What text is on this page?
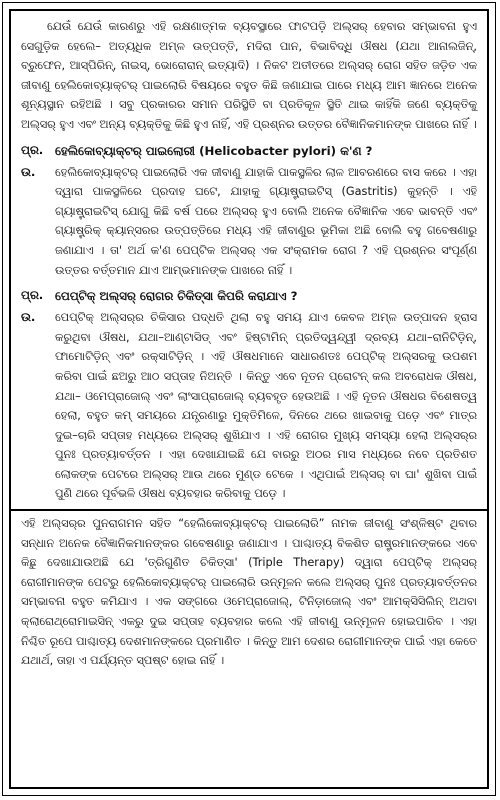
ଯେଉଁ ଯେଉଁ କାରଣରୁ ଏହି ରକ୍ଷଣାତ୍ମକ ବ୍ୟବସ୍ଥାରେ ଫାଟପଡ଼ି ଅଲ୍‌ସର୍ ହେବାର ସମ୍ଭାବନା ହୁଏ ସେଗୁଡ଼ିକ ହେଲେ– ଅତ୍ୟଧିକ ଅମ୍ଳ ଉତ୍ପତ୍ତି, ମଦିରା ପାନ, ବିଭାବିଦ୍ଧି ଔଷଧ (ଯଥା ଆନାଲଜିନ୍, ବ୍ରୁଫେନ, ଆସ୍‌ପିରିନ୍, ନାଇସ୍, ଭୋରୋରାନ୍ ଇତ୍ୟାଦି) । ନିକଟ ଅତୀତରେ ଅଲ୍‌ସର୍ ରୋଗ ସହିତ ଜଡ଼ିତ ଏକ ଜୀବାଣୁ ହେଲିକୋବ୍ୟାକ୍ଟର୍ ପାଇଲୋରି ବିଷୟରେ ବହୁତ କିଛି ଜଣାଯାଇ ପାରେ ମଧ୍ୟ ଆମ ଜ୍ଞାନରେ ଅନେକ ଶୂନ୍ୟସ୍ଥାନ ରହିଅଛି । ସବୁ ପ୍ରକାରର ସମାନ ପରିସ୍ଥିତି ବା ପ୍ରତିକୂଳ ସ୍ଥିତି ଥାଇ କାହିଁକି ଜଣେ ବ୍ୟକ୍ତିକୁ ଅଲ୍‌ସର୍ ହୁଏ ଏବଂ ଅନ୍ୟ ବ୍ୟକ୍ତିକୁ କିଛି ହୁଏ ନାହିଁ, ଏହି ପ୍ରଶ୍ନର ଉତ୍ତର ବୈଜ୍ଞାନିକମାନଙ୍କ ପାଖରେ ନାହିଁ ।

ପ୍ର. ହେଲିକୋବ୍ୟାକ୍ଟର୍ ପାଇଲୋରୀ (Helicobacter pylori) କ'ଣ ?
ଉ.	ହେଲିକୋବ୍ୟାକ୍ଟର୍ ପାଇଲୋରି ଏକ ଜୀବାଣୁ ଯାହାକି ପାକସ୍ଥଳିର ଲାଳ ଆବରଣରେ ବାସ କରେ । ଏହା ଦ୍ୱାରା ପାକସ୍ଥଳିରେ ପ୍ରଦାହ ଘଟେ, ଯାହାକୁ ଗ୍ୟାଷ୍ଟ୍ରାଇଟିସ୍ (Gastritis) କୁହନ୍ତି । ଏହି ଗ୍ୟାଷ୍ଟ୍ରାଇଟିସ୍ ଯୋଗୁ କିଛି ବର୍ଷ ପରେ ଅଲ୍‌ସର୍ ହୁଏ ବୋଲି ଅନେକ ବୈଜ୍ଞାନିକ ଏବେ ଭାବନ୍ତି ଏବଂ ଗ୍ୟାଷ୍ଟ୍ରିକ୍ କ୍ୟାନ୍ସରର ଉତ୍ପତ୍ତିରେ ମଧ୍ୟ ଏହି ଜୀବାଣୁର ଭୂମିକା ଅଛି ବୋଲି ବହୁ ଗବେଷଣାରୁ ଜଣାଯାଏ । ତା' ଅର୍ଥ କ'ଣ ପେପ୍‌ଟିକ ଅଲ୍‌ସର୍ ଏକ ସଂକ୍ରାମକ ରୋଗ ? ଏହି ପ୍ରଶ୍ନର ସଂପୂର୍ଣ୍ଣ ଉତ୍ତର ବର୍ତ୍ତମାନ ଯାଏ ଆମ୍ଭମାନଙ୍କ ପାଖରେ ନାହିଁ ।

ପ୍ର. ପେପ୍‌ଟିକ୍ ଅଲ୍‌ସର୍ ରୋଗର ଚିକିତ୍ସା କିପରି କରାଯାଏ ?
ଉ.	ପେପ୍‌ଟିକ୍ ଅଲ୍‌ସର୍‌ର ଚିକିସାର ପଦ୍ଧତି ଥିଲା ବହୁ ସମୟ ଯାଏ କେବଳ ଅମ୍ଳ ଉତ୍ପାଦନ ହ୍ରାସ କରୁଥିବା ଔଷଧ, ଯଥା–ଆଣ୍ଟାସିଡ୍ ଏବଂ ହିଷ୍ଟାମିନ୍ ପ୍ରତିଦ୍ୱନ୍ଦ୍ୱୀ ଦ୍ରବ୍ୟ ଯଥା–ରାନିଟିଡ଼ିନ୍, ଫାମୋଟିଡ଼ିନ୍ ଏବଂ ରକ୍ସାଟିଡ଼ିନ୍ । ଏହି ଔଷଧମାନେ ସାଧାରଣତଃ ପେପ୍‌ଟିକ୍ ଅଲ୍‌ସରକୁ ଉପଶମ କରିବା ପାଇଁ ଛଅରୁ ଆଠ ସପ୍ତାହ ନିଅନ୍ତି । କିନ୍ତୁ ଏବେ ନୂତନ ପ୍ରୋଟନ୍ କଲ ଅବରୋଧକ ଔଷଧ, ଯଥା– ଓମେପ୍ରାଜୋଲ୍ ଏବଂ ଲାଂସାପ୍ରାଜୋଲ୍ ବ୍ୟବହୃତ ହେଉଅଛି । ଏହି ନୂତନ ଔଷଧର ବିଶେଷତ୍ୱ ହେଲା, ବହୁତ କମ୍ ସମୟରେ ଯନ୍ତ୍ରଣାରୁ ମୁକ୍ତିମିଳେ, ଦିନରେ ଥରେ ଖାଇବାକୁ ପଡ଼େ ଏବଂ ମାତ୍ର ଦୁଇ–ଚାରି ସପ୍ତାହ ମଧ୍ୟରେ ଅଲ୍‌ସର୍ ଶୁଖିଯାଏ । ଏହି ରୋଗର ମୁଖ୍ୟ ସମସ୍ୟା ହେଲା ଅଲ୍‌ସର୍‌ର ପୁନଃ ପ୍ରତ୍ୟାବର୍ତ୍ତନ । ଏହା ଦେଖାଯାଇଛି ଯେ ବାରରୁ ଅଠର ମାସ ମଧ୍ୟରେ ନବେ ପ୍ରତିଶତ ଲୋକଙ୍କ ପେଟରେ ଅଲ୍‌ସର୍ ଆଉ ଥରେ ମୁଣ୍ଡ ଟେକେ । ଏଥିପାଇଁ ଅଲ୍‌ସର୍ ବା ଘା' ଶୁଖିବା ପାଇଁ ପୁଣି ଥରେ ପୂର୍ବଭଳି ଔଷଧ ବ୍ୟବହାର କରିବାକୁ ପଡ଼େ ।

ଏହି ଅଲ୍‌ସର୍‌ର ପୁନରାଗମନ ସହିତ “ହେଲିକୋବ୍ୟାକ୍ଟର୍ ପାଇଲୋରି” ନାମକ ଜୀବାଣୁ ସଂଶ୍ଳିଷ୍ଟ ଥିବାର ସନ୍ଧାନ ଅନେକ ବୈଜ୍ଞାନିକମାନଙ୍କର ଗବେଷଣାରୁ ଜଣାଯାଏ । ପାଶ୍ଚାତ୍ୟ ବିକଶିତ ରାଷ୍ଟ୍ରମାନଙ୍କରେ ଏବେ କିଛୁ ଦେଖାଯାଉଅଛି ଯେ 'ତ୍ରିଗୁଣିତ ଚିକିତ୍ସା' (Triple Therapy) ଦ୍ୱାରା ପେପ୍‌ଟିକ୍ ଅଲ୍‌ସର୍ ରୋଗୀମାନଙ୍କ ପେଟରୁ ହେଲିକୋବ୍ୟାକ୍ଟର୍ ପାଇଲୋରି ଉନ୍ମୂଳନ କଲେ ଅଲ୍‌ସର୍ ପୁନଃ ପ୍ରତ୍ୟାବର୍ତ୍ତନର ସମ୍ଭାବନା ବହୁତ କମିଯାଏ । ଏକ ସଙ୍ଗରେ ଓମେପ୍ରାଜୋଲ୍, ଟିନିଡ଼ାଜୋଲ୍ ଏବଂ ଆମକ୍ସିସିଲିନ୍ ଅଥବା କ୍ଲାରୋଥ୍ରୋମାଇସିନ୍ ଏକରୁ ଦୁଇ ସପ୍ତାହ ବ୍ୟବହାର କଲେ ଏହି ଜୀବାଣୁ ଉନ୍ମୂଳନ ହୋଇପାରିବ । ଏହା ନିଶ୍ଚିତ ରୂପେ ପାଶ୍ଚାତ୍ୟ ଦେଶମାନଙ୍କରେ ପ୍ରମାଣିତ । କିନ୍ତୁ ଆମ ଦେଶର ରୋଗୀମାନଙ୍କ ପାଇଁ ଏହା କେତେ ଯଥାର୍ଥ, ତାହା ଏ ପର୍ଯ୍ୟନ୍ତ ସ୍ପଷ୍ଟ ହୋଇ ନାହିଁ ।
